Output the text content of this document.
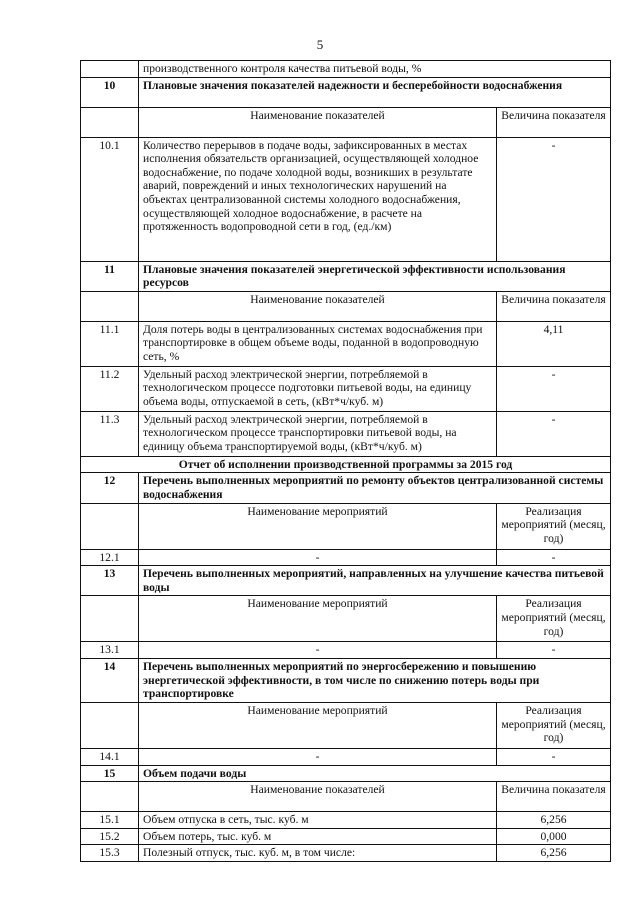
5
	производственного контроля качества питьевой воды, %	
10	Плановые значения показателей надежности и бесперебойности водоснабжения	
	Наименование показателей	Величина показателя
10.1	Количество перерывов в подаче воды, зафиксированных в местах исполнения обязательств организацией, осуществляющей холодное водоснабжение, по подаче холодной воды, возникших в результате аварий, повреждений и иных технологических нарушений на объектах централизованной системы холодного водоснабжения, осуществляющей холодное водоснабжение, в расчете на протяженность водопроводной сети в год, (ед./км)	-
11	Плановые значения показателей энергетической эффективности использования ресурсов	
	Наименование показателей	Величина показателя
11.1	Доля потерь воды в централизованных системах водоснабжения при транспортировке в общем объеме воды, поданной в водопроводную сеть, %	4,11
11.2	Удельный расход электрической энергии, потребляемой в технологическом процессе подготовки питьевой воды, на единицу объема воды, отпускаемой в сеть, (кВт*ч/куб. м)	-
11.3	Удельный расход электрической энергии, потребляемой в технологическом процессе транспортировки питьевой воды, на единицу объема транспортируемой воды, (кВт*ч/куб. м)	-
Отчет об исполнении производственной программы за 2015 год		
12	Перечень выполненных мероприятий по ремонту объектов централизованной системы водоснабжения	
	Наименование мероприятий	Реализация мероприятий (месяц, год)
12.1	-	-
13	Перечень выполненных мероприятий, направленных на улучшение качества питьевой воды	
	Наименование мероприятий	Реализация мероприятий (месяц, год)
13.1	-	-
14	Перечень выполненных мероприятий по энергосбережению и повышению энергетической эффективности, в том числе по снижению потерь воды при транспортировке	
	Наименование мероприятий	Реализация мероприятий (месяц, год)
14.1	-	-
15	Объем подачи воды	
	Наименование показателей	Величина показателя
15.1	Объем отпуска в сеть, тыс. куб. м	6,256
15.2	Объем потерь, тыс. куб. м	0,000
15.3	Полезный отпуск, тыс. куб. м, в том числе:	6,256
